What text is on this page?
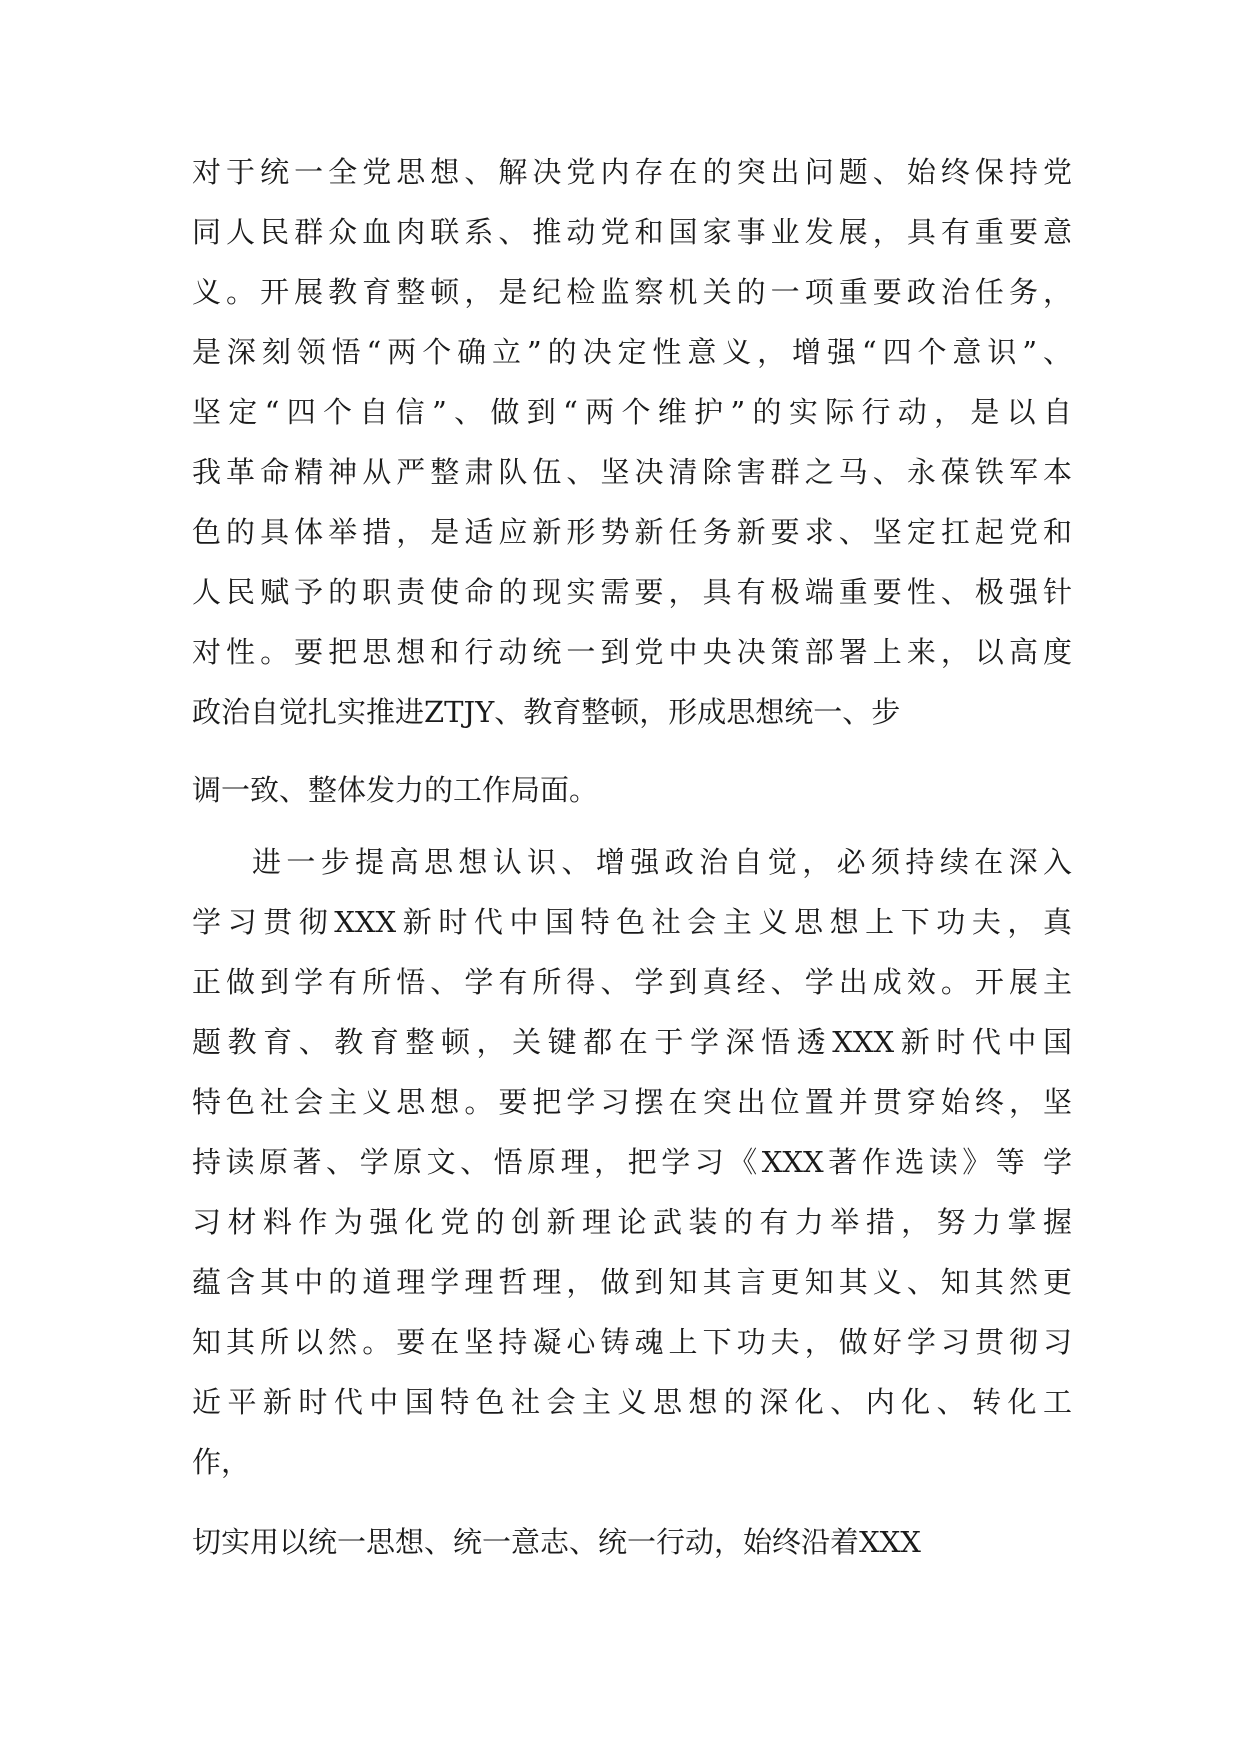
对于统一全党思想、解决党内存在的突出问题、始终保持党
同人民群众血肉联系、推动党和国家事业发展，具有重要意
义。开展教育整顿，是纪检监察机关的一项重要政治任务，
是深刻领悟“两个确立”的决定性意义，增强“四个意识”、
坚定“四个自信”、做到“两个维护”的实际行动，是以自
我革命精神从严整肃队伍、坚决清除害群之马、永葆铁军本
色的具体举措，是适应新形势新任务新要求、坚定扛起党和
人民赋予的职责使命的现实需要，具有极端重要性、极强针
对性。要把思想和行动统一到党中央决策部署上来，以高度
政治自觉扎实推进ZTJY、教育整顿，形成思想统一、步
调一致、整体发力的工作局面。
进一步提高思想认识、增强政治自觉，必须持续在深入
学习贯彻XXX新时代中国特色社会主义思想上下功夫，真
正做到学有所悟、学有所得、学到真经、学出成效。开展主
题教育、教育整顿，关键都在于学深悟透XXX新时代中国
特色社会主义思想。要把学习摆在突出位置并贯穿始终，坚
持读原著、学原文、悟原理，把学习《XXX著作选读》等 学
习材料作为强化党的创新理论武装的有力举措，努力掌握
蕴含其中的道理学理哲理，做到知其言更知其义、知其然更
知其所以然。要在坚持凝心铸魂上下功夫，做好学习贯彻习
近平新时代中国特色社会主义思想的深化、内化、转化工
作，
切实用以统一思想、统一意志、统一行动，始终沿着XXX
